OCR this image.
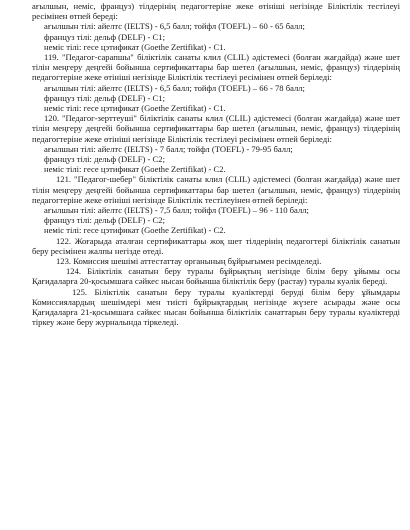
ағылшын, неміс, француз) тілдерінің педагогтеріне жеке өтініші негізінде Біліктілік тестілеуі ресімінен өтпей береді:

ағылшын тілі: айелтс (IELTS) - 6,5 балл; тойфл (TOEFL) – 60 - 65 балл;

француз тілі: дельф (DELF) - С1;

неміс тілі: гесе цэтификат (Goethe Zertifikat) - С1.

119. "Педагог-сарапшы" біліктілік санаты клил (CLIL) әдістемесі (болған жағдайда) және шет тілін меңгеру деңгейі бойынша сертификаттары бар шетел (ағылшын, неміс, француз) тілдерінің педагогтеріне жеке өтініші негізінде Біліктілік тестілеуі ресімінен өтпей беріледі:

ағылшын тілі: айелтс (IELTS) - 6,5 балл; тойфл (TOEFL) – 66 - 78 балл;

француз тілі: дельф (DELF) - С1;

неміс тілі: гесе цэтификат (Goethe Zertifikat) - С1.

120. "Педагог-зерттеуші" біліктілік санаты клил (CLIL) әдістемесі (болған жағдайда) және шет тілін меңгеру деңгейі бойынша сертификаттары бар шетел (ағылшын, неміс, француз) тілдерінің педагогтеріне жеке өтініші негізінде Біліктілік тестілеуі ресімінен өтпей беріледі:

ағылшын тілі: айелтс (IELTS) - 7 балл; тойфл (TOEFL) - 79-95 балл;

француз тілі: дельф (DELF) - С2;

неміс тілі: гесе цэтификат (Goethe Zertifikat) - С2.

121. "Педагог-шебер" біліктілік санаты клил (CLIL) әдістемесі (болған жағдайда) және шет тілін меңгеру деңгейі бойынша сертификаттары бар шетел (ағылшын, неміс, француз) тілдерінің педагогтеріне жеке өтініші негізінде Біліктілік тестілеуінен өтпей беріледі:

ағылшын тілі: айелтс (IELTS) - 7,5 балл; тойфл (TOEFL) – 96 - 110 балл;

француз тілі: дельф (DELF) - С2;

неміс тілі: гесе цэтификат (Goethe Zertifikat) - С2.

122. Жоғарыда аталған сертификаттары жоқ шет тілдерінің педагогтері біліктілік санатын беру ресімінен жалпы негізде өтеді.

123. Комиссия шешімі аттестаттау органының бұйрығымен ресімделеді.

124. Біліктілік санатын беру туралы бұйрықтың негізінде білім беру ұйымы осы Қағидаларға 20-қосымшаға сәйкес нысан бойынша біліктілік беру (растау) туралы куәлік береді.

125. Біліктілік санатын беру туралы куәліктерді беруді білім беру ұйымдары Комиссиялардың шешімдері мен тиісті бұйрықтардың негізінде жүзеге асырады және осы Қағидаларға 21-қосымшаға сәйкес нысан бойынша біліктілік санаттарын беру туралы куәліктерді тіркеу және беру журналында тіркеледі.
